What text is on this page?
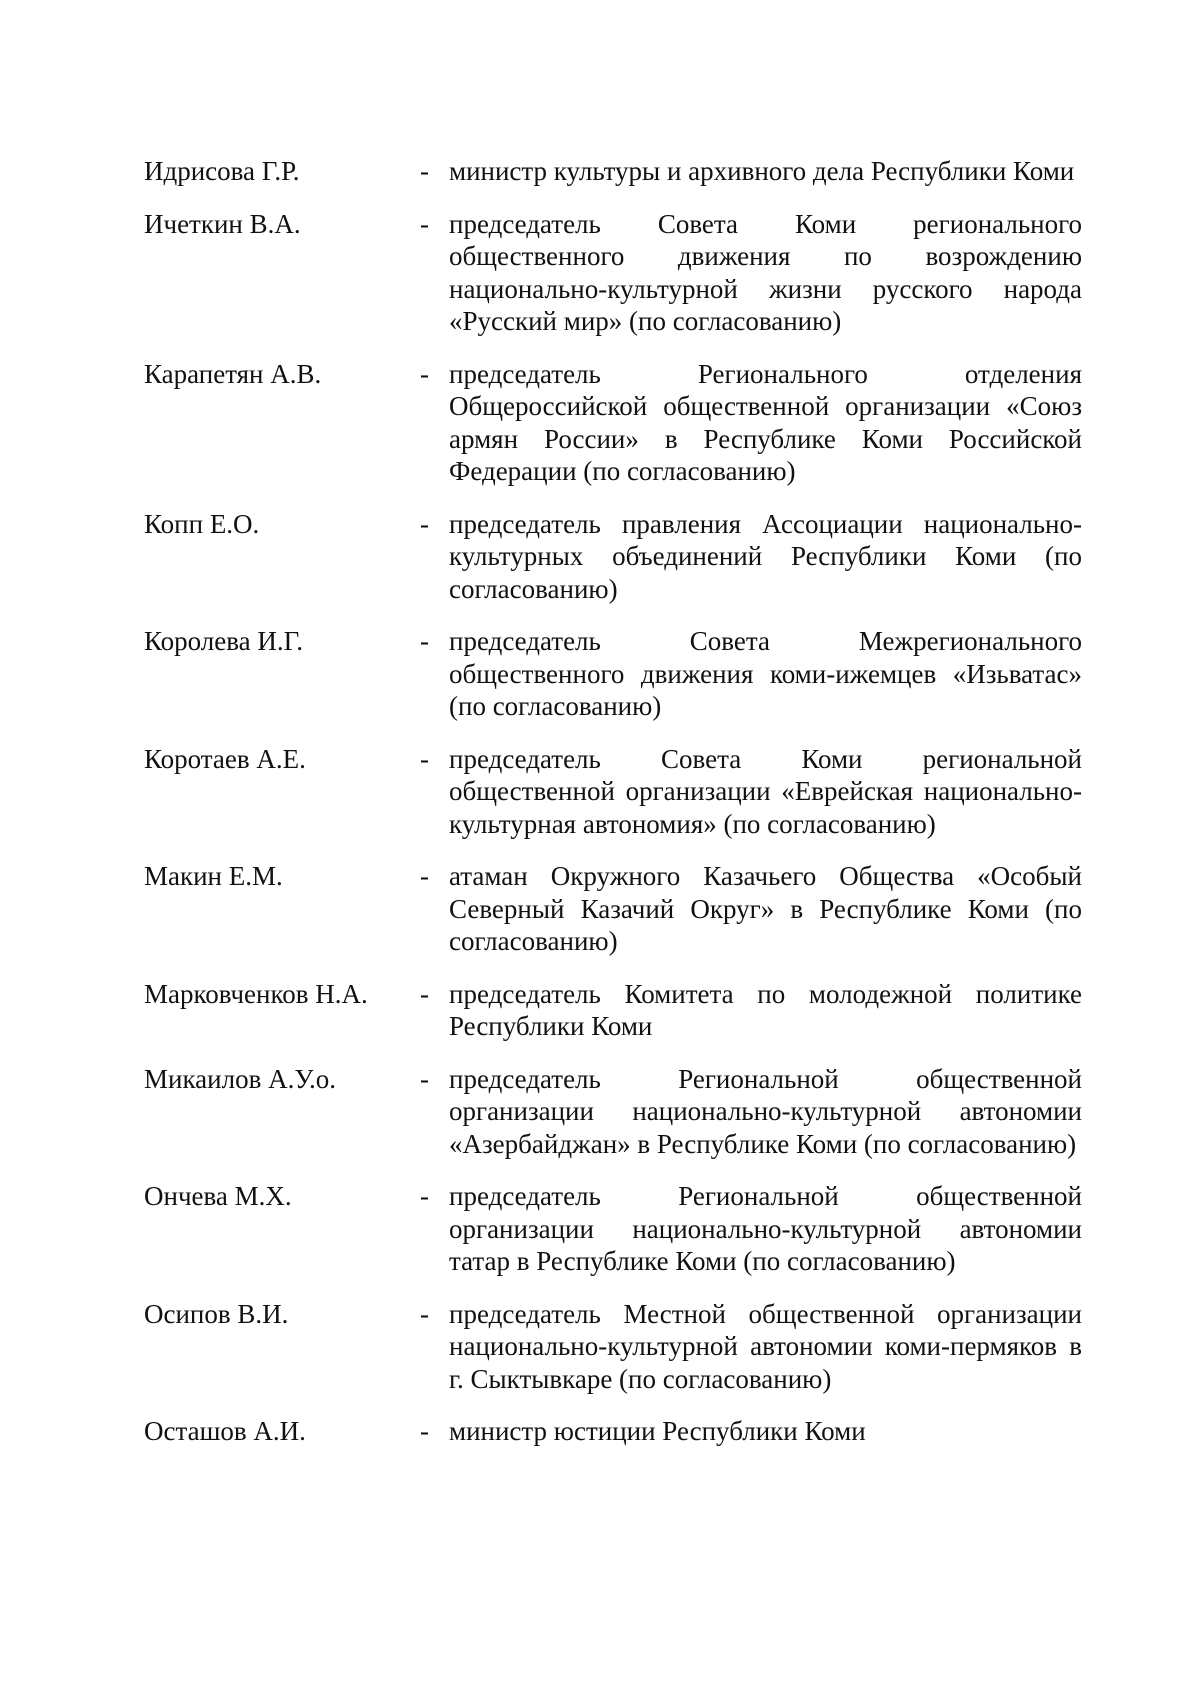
Идрисова Г.Р.	- министр культуры и архивного дела Республики Коми
Ичеткин В.А.	- председатель Совета Коми регионального общественного движения по возрождению национально-культурной жизни русского народа «Русский мир» (по согласованию)
Карапетян А.В.	- председатель Регионального отделения Общероссийской общественной организации «Союз армян России» в Республике Коми Российской Федерации (по согласованию)
Копп Е.О.	- председатель правления Ассоциации национально-культурных объединений Республики Коми (по согласованию)
Королева И.Г.	- председатель Совета Межрегионального общественного движения коми-ижемцев «Изьватас» (по согласованию)
Коротаев А.Е.	- председатель Совета Коми региональной общественной организации «Еврейская национально-культурная автономия» (по согласованию)
Макин Е.М.	- атаман Окружного Казачьего Общества «Особый Северный Казачий Округ» в Республике Коми (по согласованию)
Марковченков Н.А.	- председатель Комитета по молодежной политике Республики Коми
Микаилов А.У.о.	- председатель Региональной общественной организации национально-культурной автономии «Азербайджан» в Республике Коми (по согласованию)
Ончева М.Х.	- председатель Региональной общественной организации национально-культурной автономии татар в Республике Коми (по согласованию)
Осипов В.И.	- председатель Местной общественной организации национально-культурной автономии коми-пермяков в г. Сыктывкаре (по согласованию)
Осташов А.И.	- министр юстиции Республики Коми
